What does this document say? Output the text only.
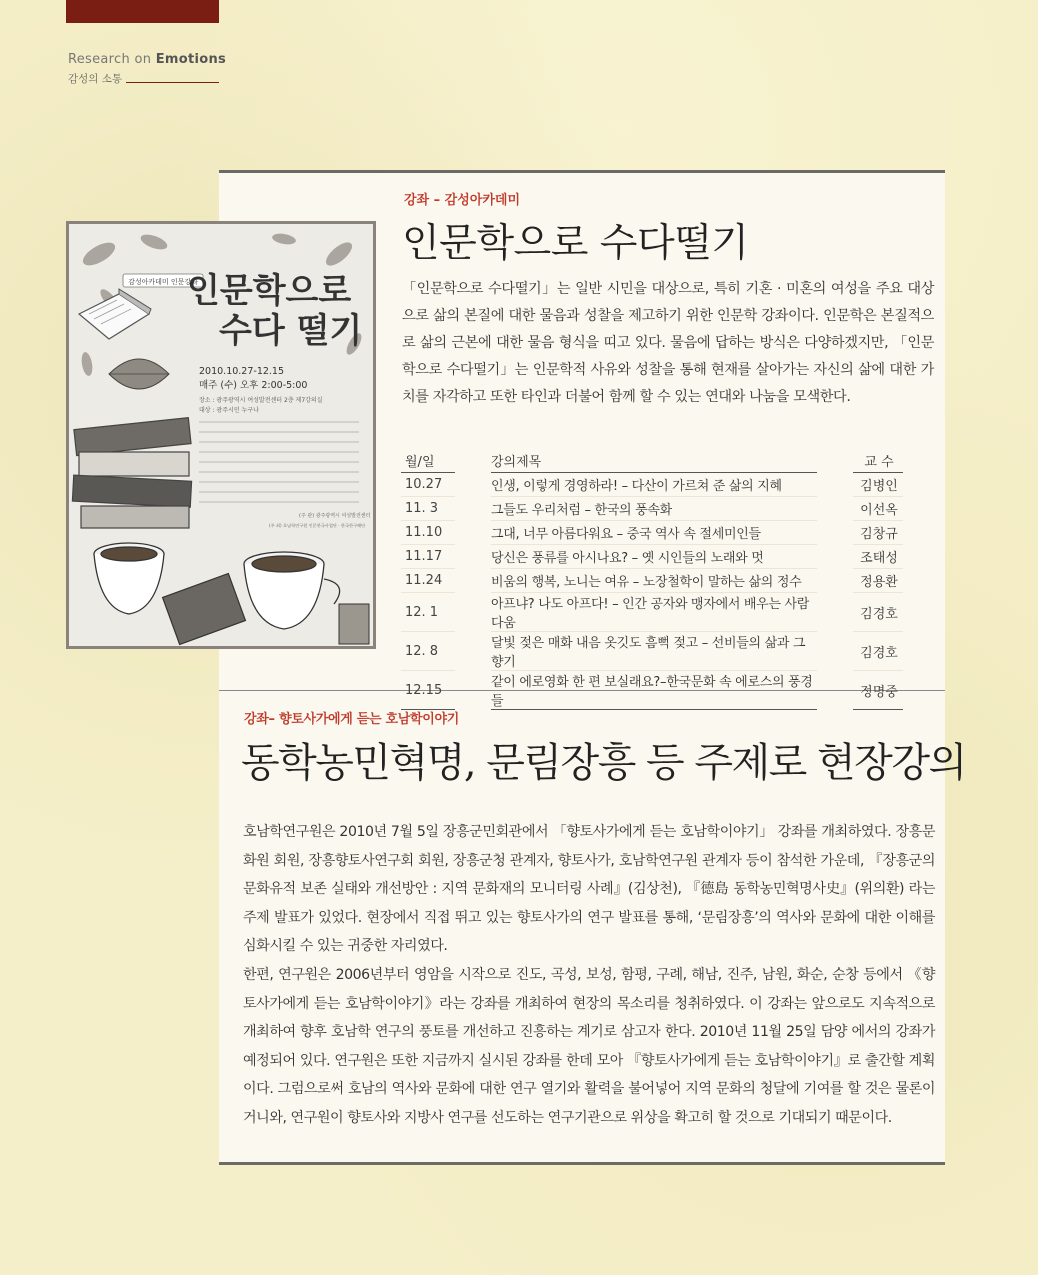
Research on Emotions
감성의 소통
감성아카데미 인문강좌
인문학으로
수다 떨기
2010.10.27-12.15
매주 (수) 오후 2:00-5:00
장소 : 광주광역시 여성발전센터 2층 제7강의실
대상 : 광주시민 누구나
(주 관) 광주광역시 여성발전센터
(주 최) 호남학연구원 인문한국사업단 · 한국한구패단
강좌 – 감성아카데미
인문학으로 수다떨기
「인문학으로 수다떨기」는 일반 시민을 대상으로, 특히 기혼 · 미혼의 여성을 주요 대상으로 삶의 본질에 대한 물음과 성찰을 제고하기 위한 인문학 강좌이다. 인문학은 본질적으로 삶의 근본에 대한 물음 형식을 띠고 있다. 물음에 답하는 방식은 다양하겠지만, 「인문학으로 수다떨기」는 인문학적 사유와 성찰을 통해 현재를 살아가는 자신의 삶에 대한 가치를 자각하고 또한 타인과 더불어 함께 할 수 있는 연대와 나눔을 모색한다.
월/일		강의제목		교 수
10.27		인생, 이렇게 경영하라! – 다산이 가르쳐 준 삶의 지혜		김병인
11. 3		그들도 우리처럼 – 한국의 풍속화		이선옥
11.10		그대, 너무 아름다워요 – 중국 역사 속 절세미인들		김창규
11.17		당신은 풍류를 아시나요? – 옛 시인들의 노래와 멋		조태성
11.24		비움의 행복, 노니는 여유 – 노장철학이 말하는 삶의 정수		정용환
12. 1		아프냐? 나도 아프다! – 인간 공자와 맹자에서 배우는 사람다움		김경호
12. 8		달빛 젖은 매화 내음 옷깃도 흠뻑 젖고 – 선비들의 삶과 그 향기		김경호
12.15		같이 에로영화 한 편 보실래요?–한국문화 속 에로스의 풍경들		정명중
강좌– 향토사가에게 듣는 호남학이야기
동학농민혁명, 문림장흥 등 주제로 현장강의
호남학연구원은 2010년 7월 5일 장흥군민회관에서 「향토사가에게 듣는 호남학이야기」 강좌를 개최하였다. 장흥문화원 회원, 장흥향토사연구회 회원, 장흥군청 관계자, 향토사가, 호남학연구원 관계자 등이 참석한 가운데, 『장흥군의 문화유적 보존 실태와 개선방안 : 지역 문화재의 모니터링 사례』(김상천), 『德島 동학농민혁명사史』(위의환) 라는 주제 발표가 있었다. 현장에서 직접 뛰고 있는 향토사가의 연구 발표를 통해, ‘문림장흥’의 역사와 문화에 대한 이해를 심화시킬 수 있는 귀중한 자리였다.
한편, 연구원은 2006년부터 영암을 시작으로 진도, 곡성, 보성, 함평, 구례, 해남, 진주, 남원, 화순, 순창 등에서 《향토사가에게 듣는 호남학이야기》라는 강좌를 개최하여 현장의 목소리를 청취하였다. 이 강좌는 앞으로도 지속적으로 개최하여 향후 호남학 연구의 풍토를 개선하고 진흥하는 계기로 삼고자 한다. 2010년 11월 25일 담양 에서의 강좌가 예정되어 있다. 연구원은 또한 지금까지 실시된 강좌를 한데 모아 『향토사가에게 듣는 호남학이야기』로 출간할 계획이다. 그럼으로써 호남의 역사와 문화에 대한 연구 열기와 활력을 불어넣어 지역 문화의 청달에 기여를 할 것은 물론이거니와, 연구원이 향토사와 지방사 연구를 선도하는 연구기관으로 위상을 확고히 할 것으로 기대되기 때문이다.
